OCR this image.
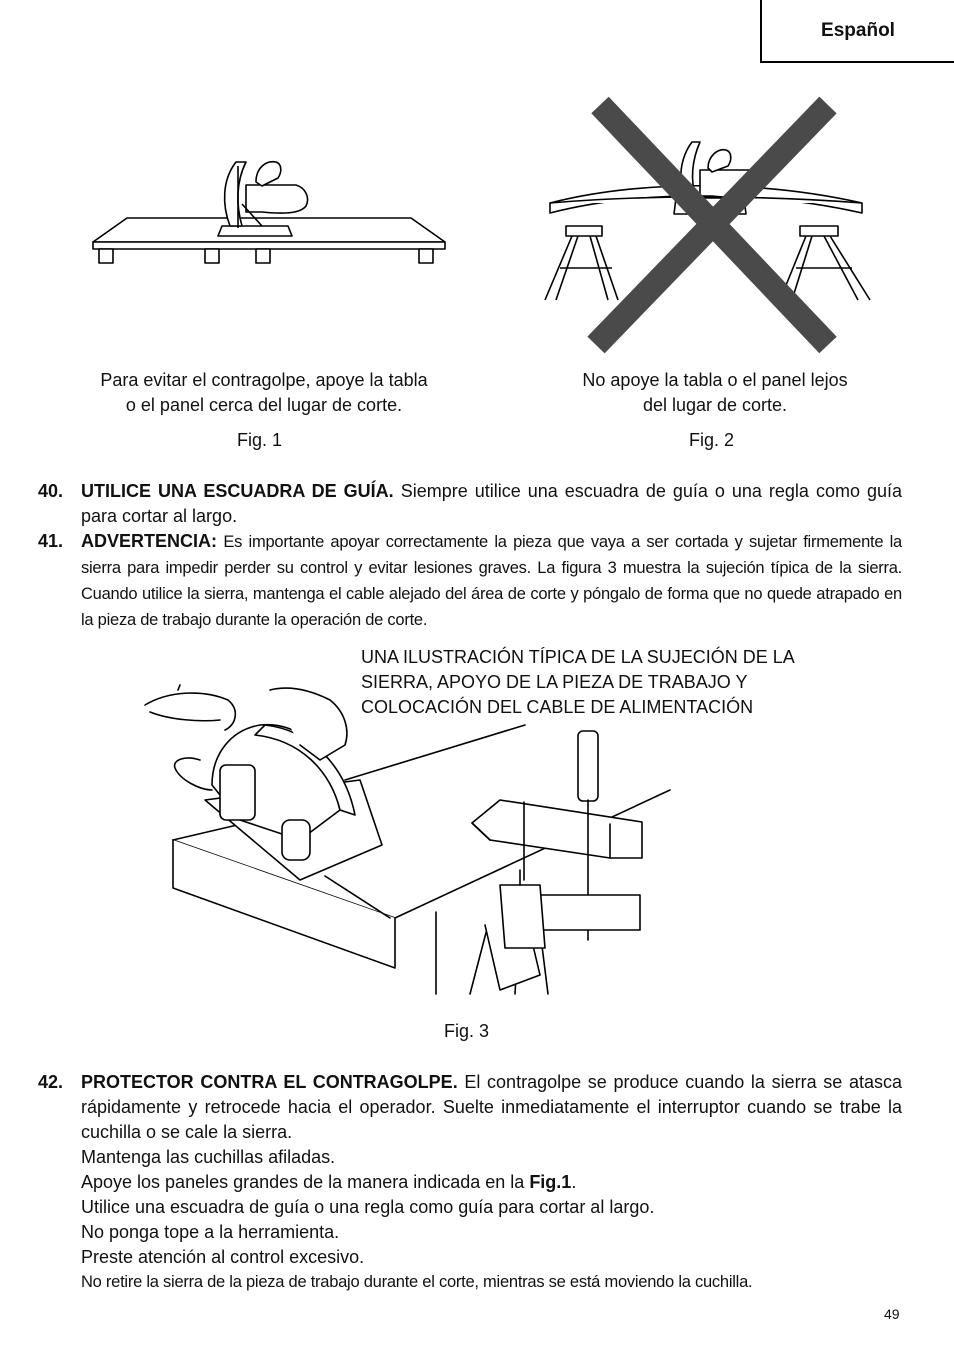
Español
Para evitar el contragolpe, apoye la tabla
o el panel cerca del lugar de corte.
Fig. 1
No apoye la tabla o el panel lejos
del lugar de corte.
Fig. 2
40. UTILICE UNA ESCUADRA DE GUÍA. Siempre utilice una escuadra de guía o una regla como guía para cortar al largo.
41. ADVERTENCIA: Es importante apoyar correctamente la pieza que vaya a ser cortada y sujetar firmemente la sierra para impedir perder su control y evitar lesiones graves. La figura 3 muestra la sujeción típica de la sierra. Cuando utilice la sierra, mantenga el cable alejado del área de corte y póngalo de forma que no quede atrapado en la pieza de trabajo durante la operación de corte.
UNA ILUSTRACIÓN TÍPICA DE LA SUJECIÓN DE LA
SIERRA, APOYO DE LA PIEZA DE TRABAJO Y
COLOCACIÓN DEL CABLE DE ALIMENTACIÓN
Fig. 3
42. PROTECTOR CONTRA EL CONTRAGOLPE. El contragolpe se produce cuando la sierra se atasca rápidamente y retrocede hacia el operador. Suelte inmediatamente el interruptor cuando se trabe la cuchilla o se cale la sierra.
Mantenga las cuchillas afiladas.
Apoye los paneles grandes de la manera indicada en la Fig.1.
Utilice una escuadra de guía o una regla como guía para cortar al largo.
No ponga tope a la herramienta.
Preste atención al control excesivo.
No retire la sierra de la pieza de trabajo durante el corte, mientras se está moviendo la cuchilla.
49
